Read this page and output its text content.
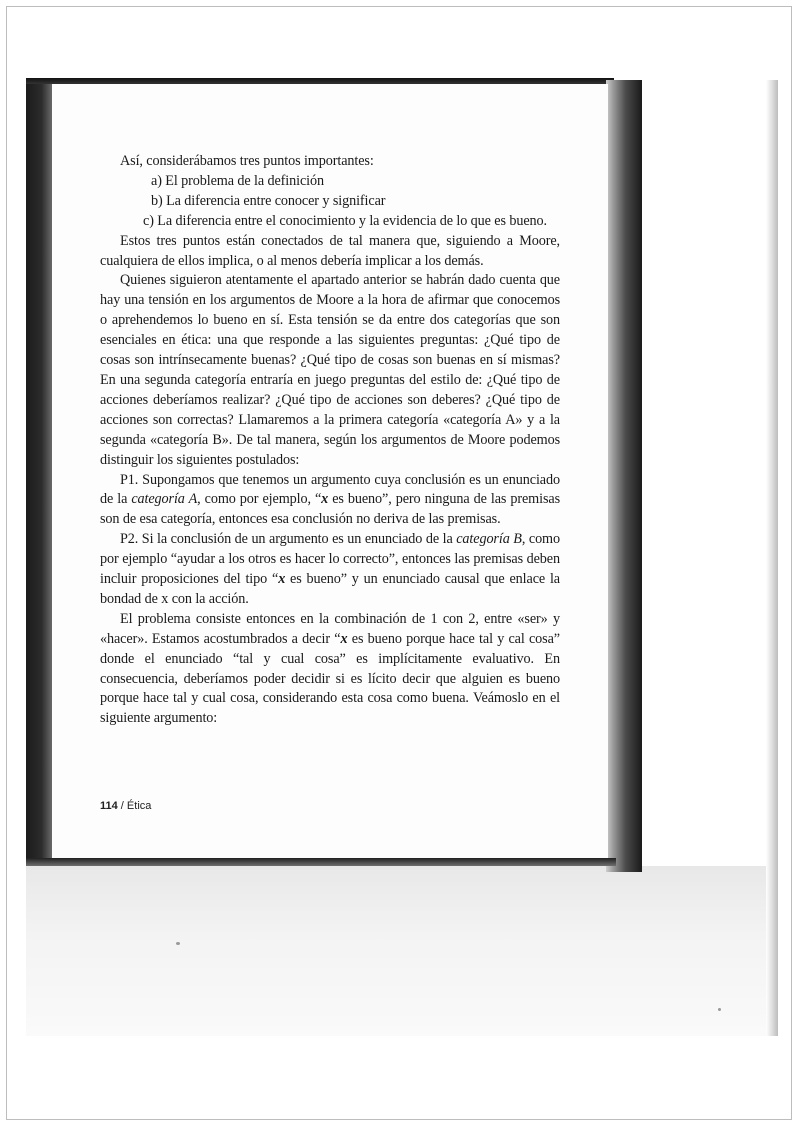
Así, considerábamos tres puntos importantes:

a) El problema de la definición

b) La diferencia entre conocer y significar

c) La diferencia entre el conocimiento y la evidencia de lo que es bueno.

Estos tres puntos están conectados de tal manera que, siguiendo a Moore, cualquiera de ellos implica, o al menos debería implicar a los demás.

Quienes siguieron atentamente el apartado anterior se habrán dado cuenta que hay una tensión en los argumentos de Moore a la hora de afirmar que conocemos o aprehendemos lo bueno en sí. Esta tensión se da entre dos categorías que son esenciales en ética: una que responde a las siguientes preguntas: ¿Qué tipo de cosas son intrínsecamente buenas? ¿Qué tipo de cosas son buenas en sí mismas? En una segunda categoría entraría en juego preguntas del estilo de: ¿Qué tipo de acciones deberíamos realizar? ¿Qué tipo de acciones son deberes? ¿Qué tipo de acciones son correctas? Llamaremos a la primera categoría «categoría A» y a la segunda «categoría B». De tal manera, según los argumentos de Moore podemos distinguir los siguientes postulados:

P1. Supongamos que tenemos un argumento cuya conclusión es un enunciado de la categoría A, como por ejemplo, “x es bueno”, pero ninguna de las premisas son de esa categoría, entonces esa conclusión no deriva de las premisas.

P2. Si la conclusión de un argumento es un enunciado de la categoría B, como por ejemplo “ayudar a los otros es hacer lo correcto”, entonces las premisas deben incluir proposiciones del tipo “x es bueno” y un enunciado causal que enlace la bondad de x con la acción.

El problema consiste entonces en la combinación de 1 con 2, entre «ser» y «hacer». Estamos acostumbrados a decir “x es bueno porque hace tal y cal cosa” donde el enunciado “tal y cual cosa” es implícitamente evaluativo. En consecuencia, deberíamos poder decidir si es lícito decir que alguien es bueno porque hace tal y cual cosa, considerando esta cosa como buena. Veámoslo en el siguiente argumento:

114 / Ética
